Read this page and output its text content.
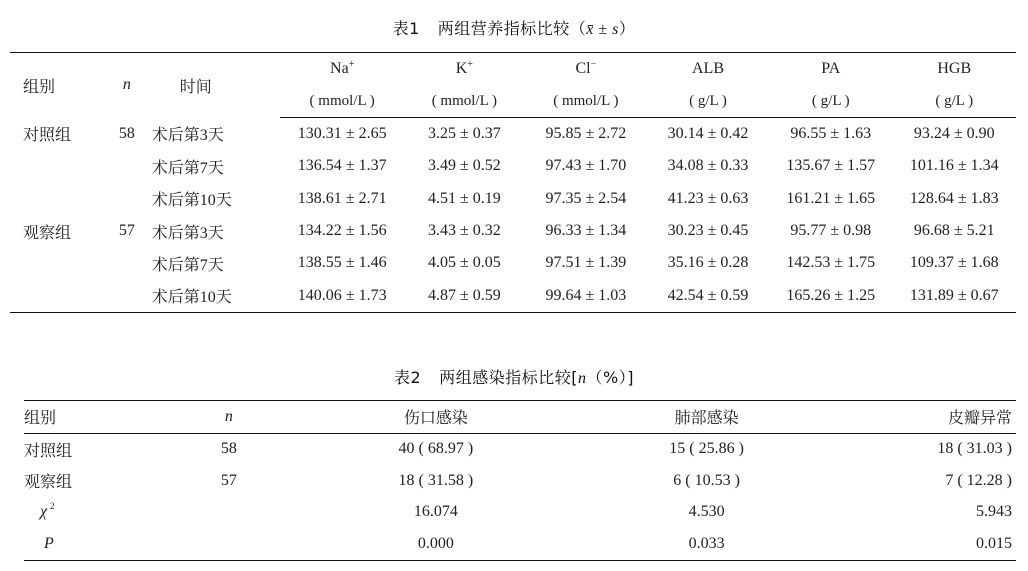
表1 两组营养指标比较（x̄ ± s）
组别	n	时间	Na+	K+	Cl−	ALB	PA	HGB
			( mmol/L )	( mmol/L )	( mmol/L )	( g/L )	( g/L )	( g/L )
对照组	58	术后第3天	130.31 ± 2.65	3.25 ± 0.37	95.85 ± 2.72	30.14 ± 0.42	96.55 ± 1.63	93.24 ± 0.90
		术后第7天	136.54 ± 1.37	3.49 ± 0.52	97.43 ± 1.70	34.08 ± 0.33	135.67 ± 1.57	101.16 ± 1.34
		术后第10天	138.61 ± 2.71	4.51 ± 0.19	97.35 ± 2.54	41.23 ± 0.63	161.21 ± 1.65	128.64 ± 1.83
观察组	57	术后第3天	134.22 ± 1.56	3.43 ± 0.32	96.33 ± 1.34	30.23 ± 0.45	95.77 ± 0.98	96.68 ± 5.21
		术后第7天	138.55 ± 1.46	4.05 ± 0.05	97.51 ± 1.39	35.16 ± 0.28	142.53 ± 1.75	109.37 ± 1.68
		术后第10天	140.06 ± 1.73	4.87 ± 0.59	99.64 ± 1.03	42.54 ± 0.59	165.26 ± 1.25	131.89 ± 0.67
表2 两组感染指标比较[n（%）]
组别	n	伤口感染	肺部感染	皮瓣异常
对照组	58	40 ( 68.97 )	15 ( 25.86 )	18 ( 31.03 )
观察组	57	18 ( 31.58 )	6 ( 10.53 )	7 ( 12.28 )
χ $^2$		16.074	4.530	5.943
P		0.000	0.033	0.015
